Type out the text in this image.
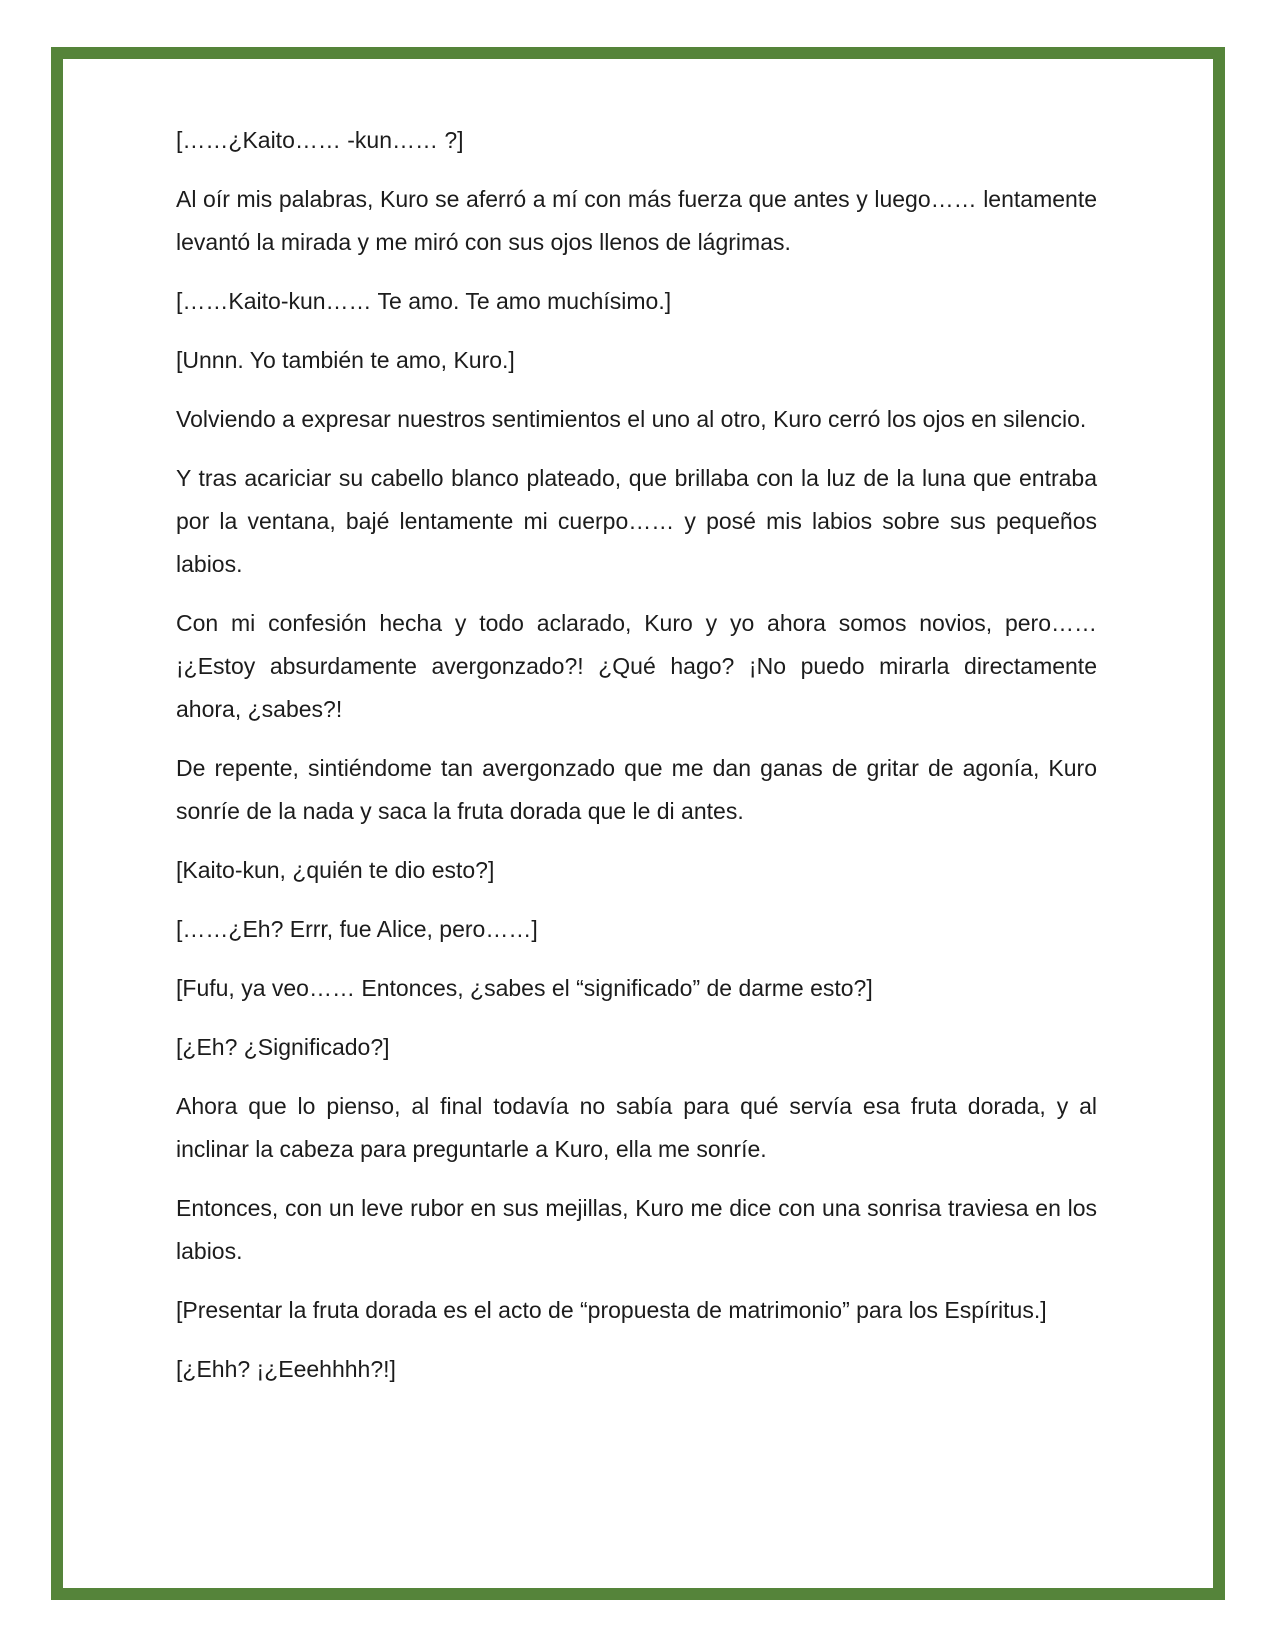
[……¿Kaito…… -kun…… ?]

Al oír mis palabras, Kuro se aferró a mí con más fuerza que antes y luego…… lentamente levantó la mirada y me miró con sus ojos llenos de lágrimas.

[……Kaito-kun…… Te amo. Te amo muchísimo.]

[Unnn. Yo también te amo, Kuro.]

Volviendo a expresar nuestros sentimientos el uno al otro, Kuro cerró los ojos en silencio.

Y tras acariciar su cabello blanco plateado, que brillaba con la luz de la luna que entraba por la ventana, bajé lentamente mi cuerpo…… y posé mis labios sobre sus pequeños labios.

Con mi confesión hecha y todo aclarado, Kuro y yo ahora somos novios, pero…… ¡¿Estoy absurdamente avergonzado?! ¿Qué hago? ¡No puedo mirarla directamente ahora, ¿sabes?!

De repente, sintiéndome tan avergonzado que me dan ganas de gritar de agonía, Kuro sonríe de la nada y saca la fruta dorada que le di antes.

[Kaito-kun, ¿quién te dio esto?]

[……¿Eh? Errr, fue Alice, pero……]

[Fufu, ya veo…… Entonces, ¿sabes el “significado” de darme esto?]

[¿Eh? ¿Significado?]

Ahora que lo pienso, al final todavía no sabía para qué servía esa fruta dorada, y al inclinar la cabeza para preguntarle a Kuro, ella me sonríe.

Entonces, con un leve rubor en sus mejillas, Kuro me dice con una sonrisa traviesa en los labios.

[Presentar la fruta dorada es el acto de “propuesta de matrimonio” para los Espíritus.]

[¿Ehh? ¡¿Eeehhhh?!]
